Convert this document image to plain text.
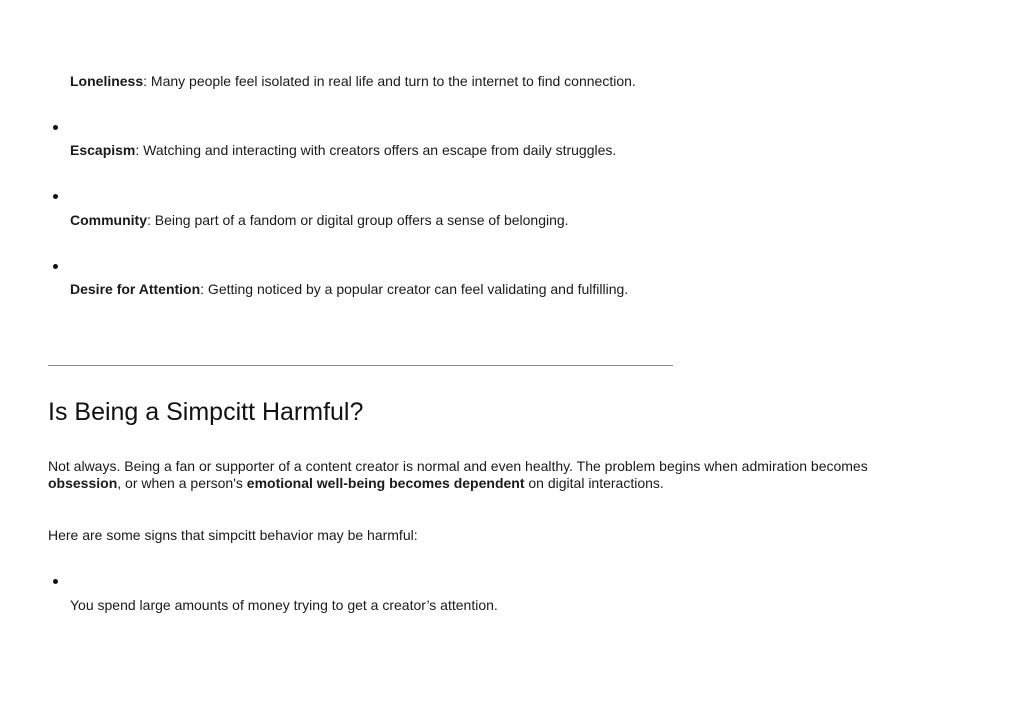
Loneliness: Many people feel isolated in real life and turn to the internet to find connection.
Escapism: Watching and interacting with creators offers an escape from daily struggles.
Community: Being part of a fandom or digital group offers a sense of belonging.
Desire for Attention: Getting noticed by a popular creator can feel validating and fulfilling.
Is Being a Simpcitt Harmful?

Not always. Being a fan or supporter of a content creator is normal and even healthy. The problem begins when admiration becomes
obsession, or when a person's emotional well-being becomes dependent on digital interactions.

Here are some signs that simpcitt behavior may be harmful:

You spend large amounts of money trying to get a creator’s attention.
